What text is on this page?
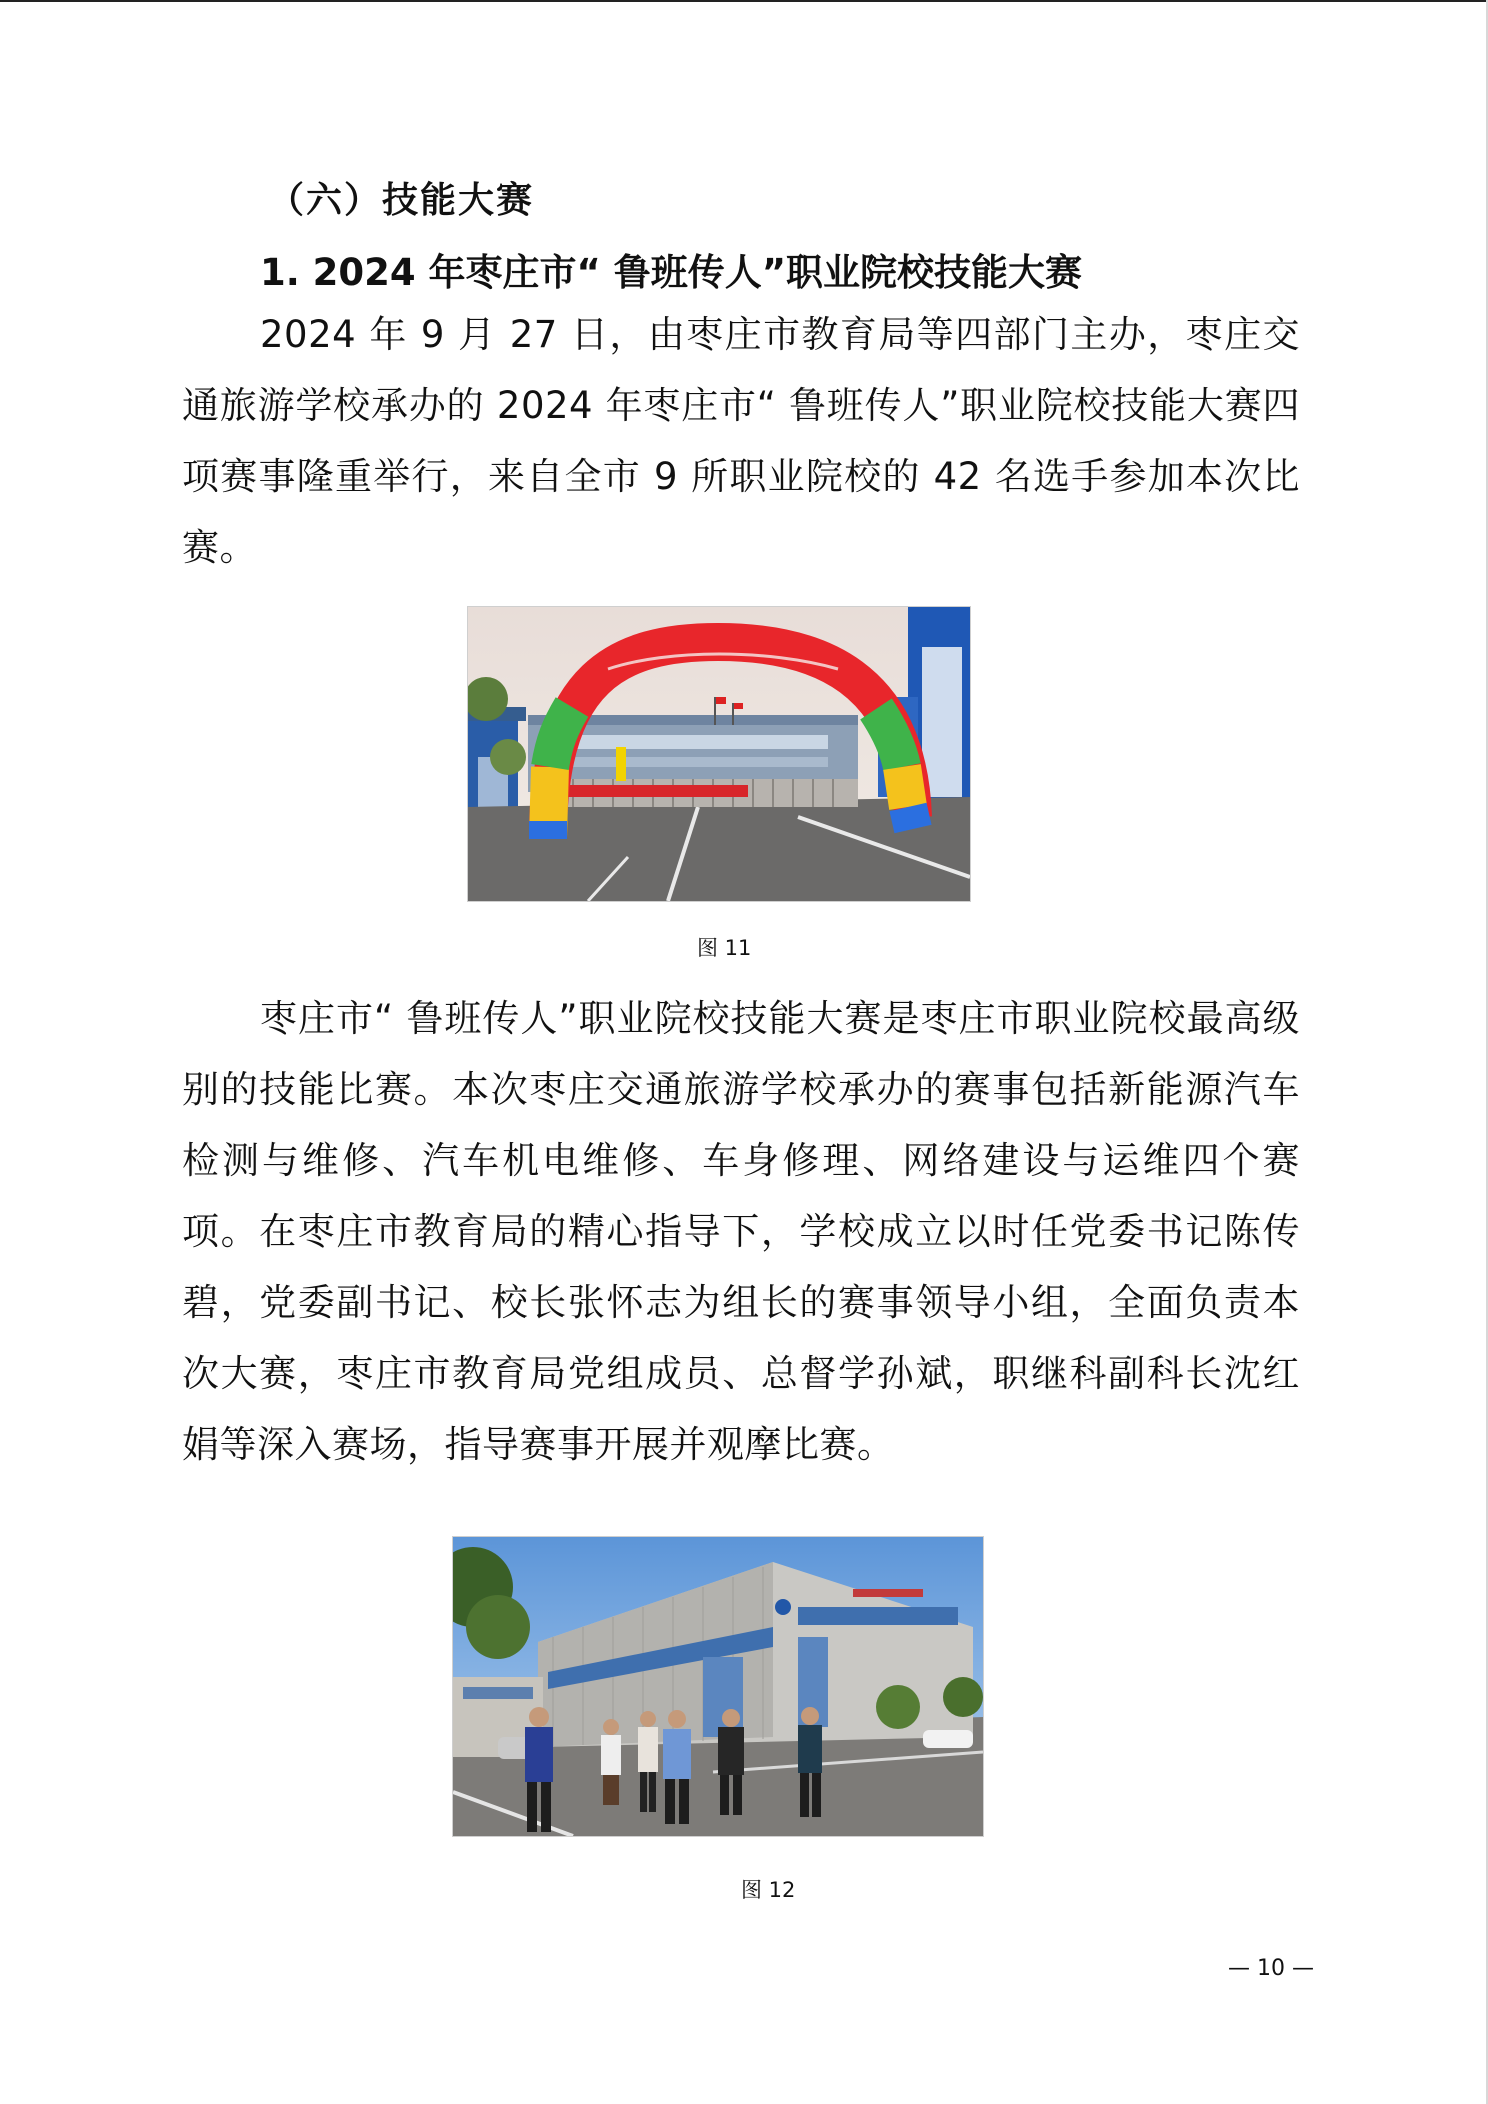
（六）技能大赛
1. 2024 年枣庄市“ 鲁班传人”职业院校技能大赛

2024 年 9 月 27 日，由枣庄市教育局等四部门主办，枣庄交通旅游学校承办的 2024 年枣庄市“ 鲁班传人”职业院校技能大赛四项赛事隆重举行，来自全市 9 所职业院校的 42 名选手参加本次比赛。

图 11

枣庄市“ 鲁班传人”职业院校技能大赛是枣庄市职业院校最高级别的技能比赛。本次枣庄交通旅游学校承办的赛事包括新能源汽车检测与维修、汽车机电维修、车身修理、网络建设与运维四个赛项。在枣庄市教育局的精心指导下，学校成立以时任党委书记陈传碧，党委副书记、校长张怀志为组长的赛事领导小组，全面负责本次大赛，枣庄市教育局党组成员、总督学孙斌，职继科副科长沈红娟等深入赛场，指导赛事开展并观摩比赛。

图 12

— 10 —
